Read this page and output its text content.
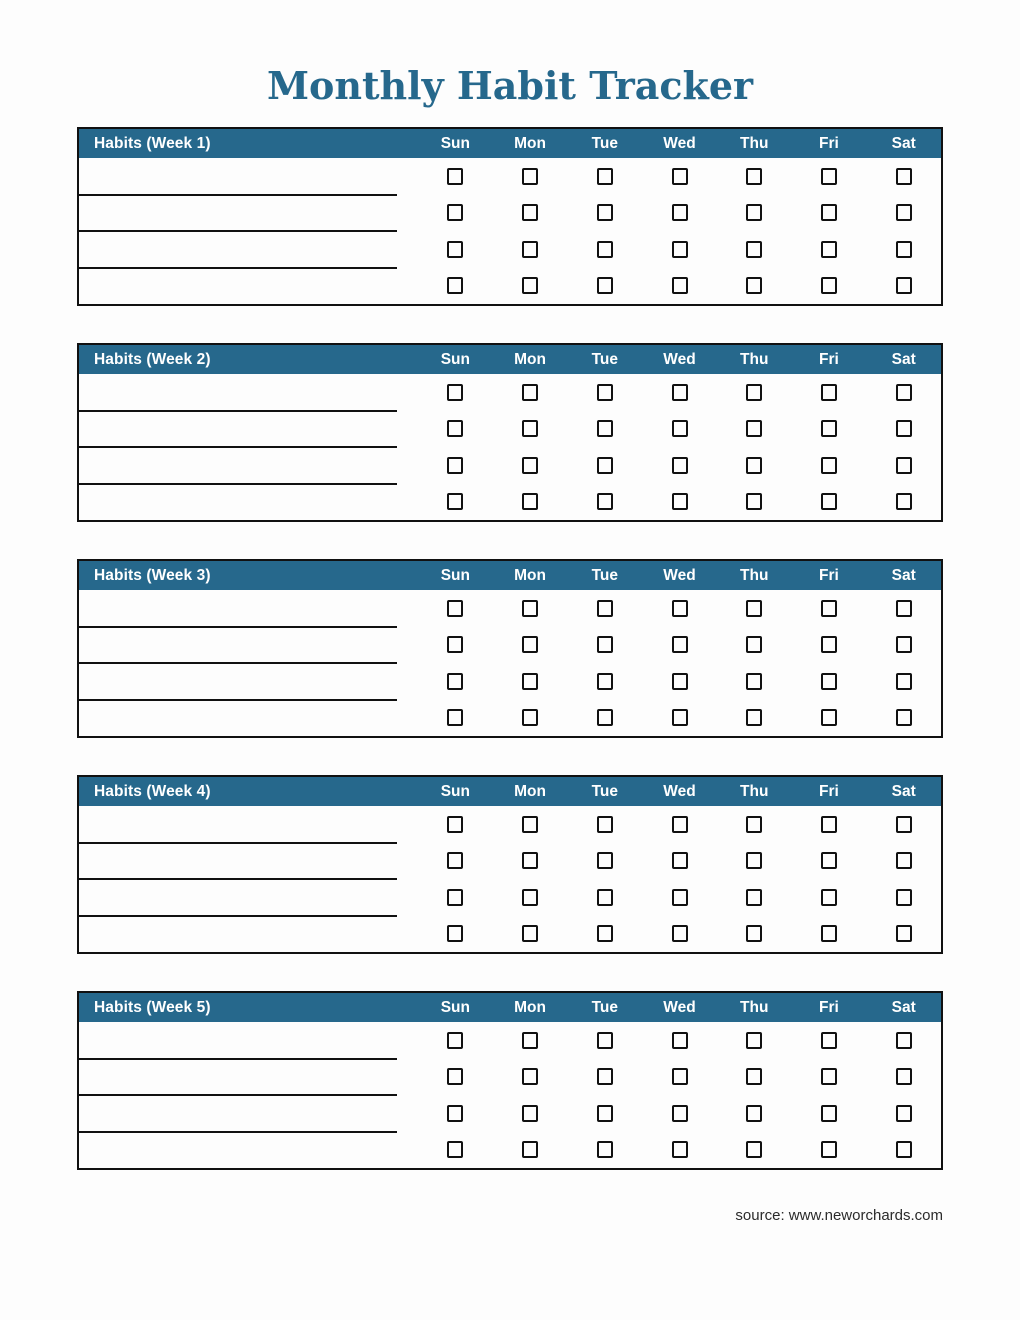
Monthly Habit Tracker
Habits (Week 1)	Sun	Mon	Tue	Wed	Thu	Fri	Sat
Habits (Week 2)	Sun	Mon	Tue	Wed	Thu	Fri	Sat
Habits (Week 3)	Sun	Mon	Tue	Wed	Thu	Fri	Sat
Habits (Week 4)	Sun	Mon	Tue	Wed	Thu	Fri	Sat
Habits (Week 5)	Sun	Mon	Tue	Wed	Thu	Fri	Sat
source: www.neworchards.com
